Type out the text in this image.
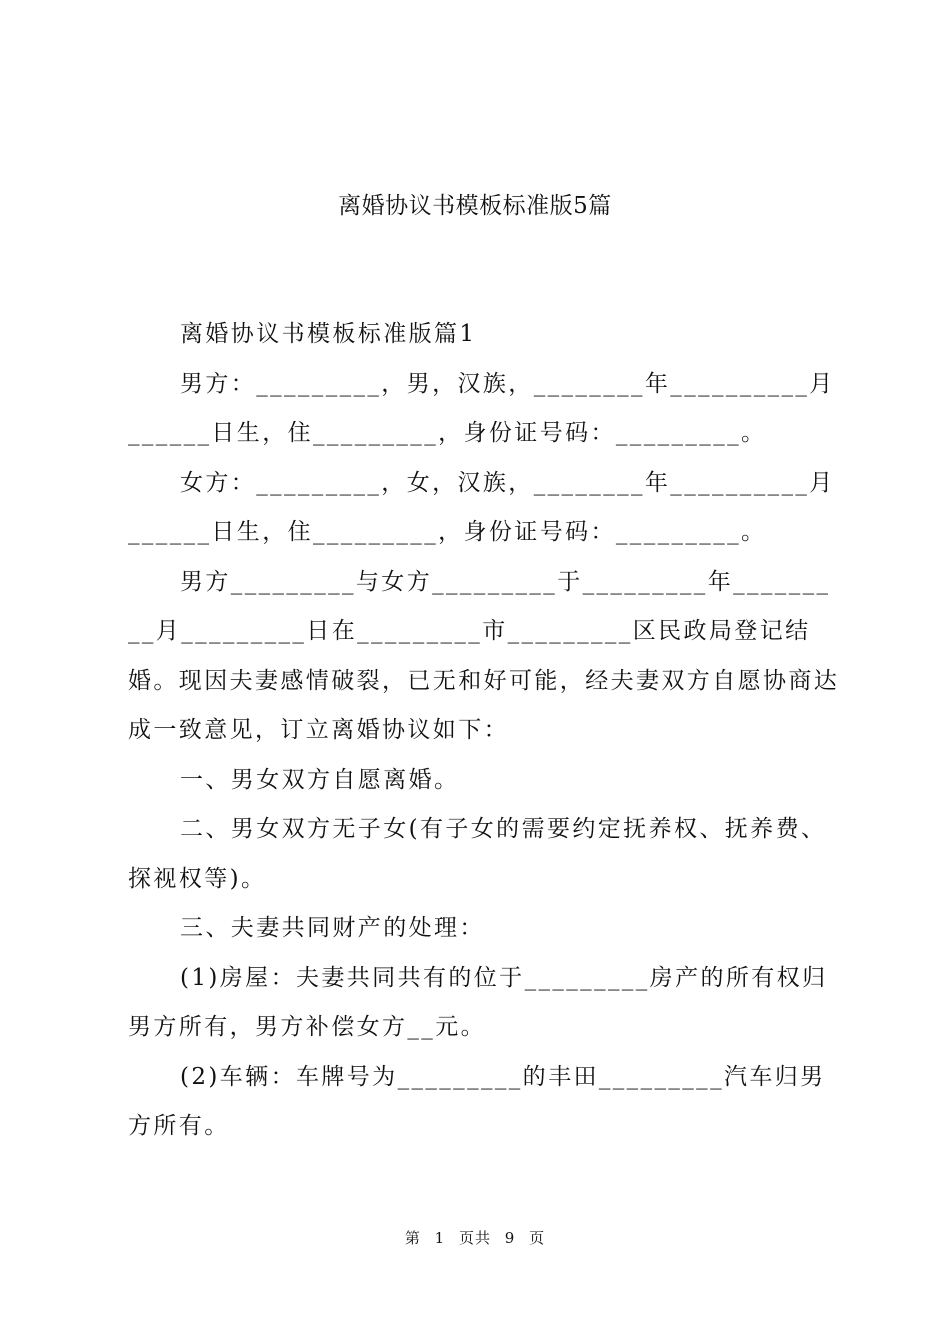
离婚协议书模板标准版5篇

离婚协议书模板标准版篇1

男方：_________，男，汉族，________年__________月______日生，住_________，身份证号码：_________。

女方：_________，女，汉族，________年__________月______日生，住_________，身份证号码：_________。

男方_________与女方_________于_________年_________月_________日在_________市_________区民政局登记结婚。现因夫妻感情破裂，已无和好可能，经夫妻双方自愿协商达成一致意见，订立离婚协议如下：

一、男女双方自愿离婚。

二、男女双方无子女(有子女的需要约定抚养权、抚养费、探视权等)。

三、夫妻共同财产的处理：

(1)房屋：夫妻共同共有的位于_________房产的所有权归男方所有，男方补偿女方__元。

(2)车辆：车牌号为_________的丰田_________汽车归男方所有。

第 1 页共 9 页
